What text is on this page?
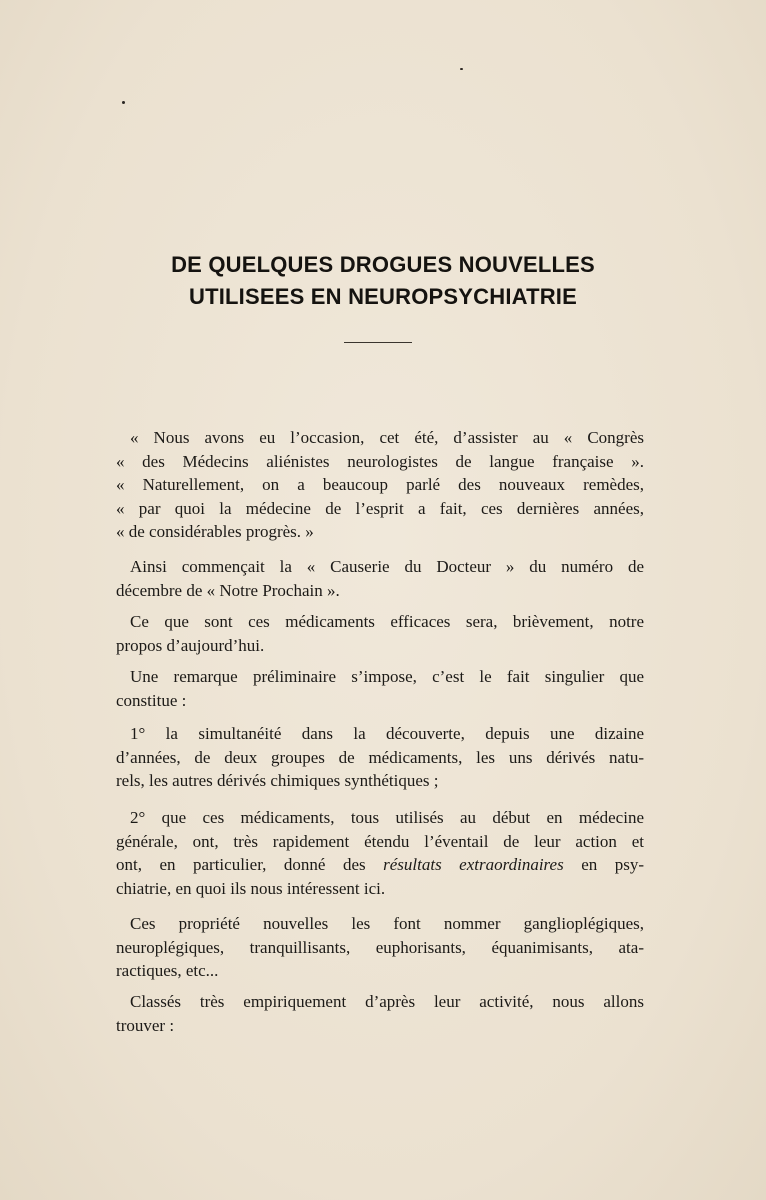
DE QUELQUES DROGUES NOUVELLES
UTILISEES EN NEUROPSYCHIATRIE
« Nous avons eu l’occasion, cet été, d’assister au « Congrès
« des Médecins aliénistes neurologistes de langue française ».
« Naturellement, on a beaucoup parlé des nouveaux remèdes,
« par quoi la médecine de l’esprit a fait, ces dernières années,
« de considérables progrès. »
Ainsi commençait la « Causerie du Docteur » du numéro de
décembre de « Notre Prochain ».
Ce que sont ces médicaments efficaces sera, brièvement, notre
propos d’aujourd’hui.
Une remarque préliminaire s’impose, c’est le fait singulier que
constitue :
1° la simultanéité dans la découverte, depuis une dizaine
d’années, de deux groupes de médicaments, les uns dérivés natu-
rels, les autres dérivés chimiques synthétiques ;
2° que ces médicaments, tous utilisés au début en médecine
générale, ont, très rapidement étendu l’éventail de leur action et
ont, en particulier, donné des résultats extraordinaires en psy-
chiatrie, en quoi ils nous intéressent ici.
Ces propriété nouvelles les font nommer ganglioplégiques,
neuroplégiques, tranquillisants, euphorisants, équanimisants, ata-
ractiques, etc...
Classés très empiriquement d’après leur activité, nous allons
trouver :
